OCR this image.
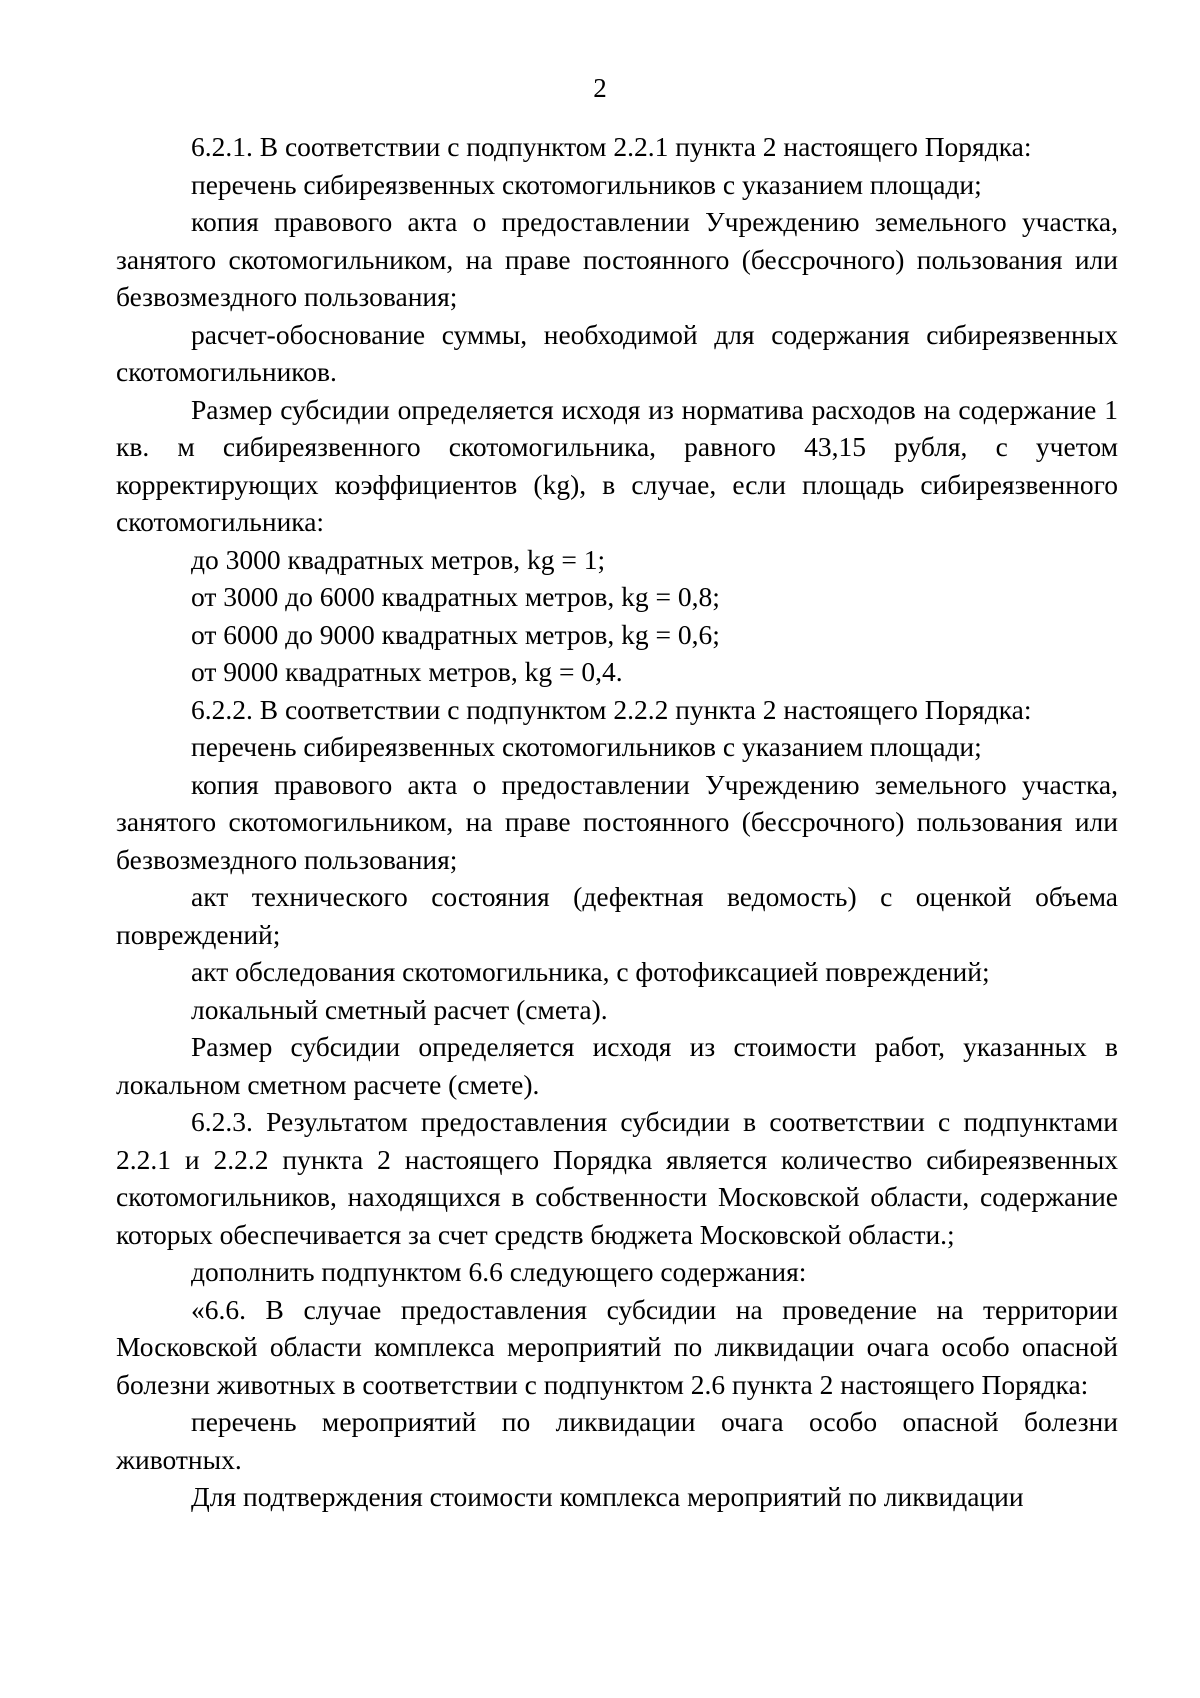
2

6.2.1. В соответствии с подпунктом 2.2.1 пункта 2 настоящего Порядка:

перечень сибиреязвенных скотомогильников с указанием площади;

копия правового акта о предоставлении Учреждению земельного участка, занятого скотомогильником, на праве постоянного (бессрочного) пользования или безвозмездного пользования;

расчет-обоснование суммы, необходимой для содержания сибиреязвенных скотомогильников.

Размер субсидии определяется исходя из норматива расходов на содержание 1 кв. м сибиреязвенного скотомогильника, равного 43,15 рубля, с учетом корректирующих коэффициентов (kg), в случае, если площадь сибиреязвенного скотомогильника:

до 3000 квадратных метров, kg = 1;

от 3000 до 6000 квадратных метров, kg = 0,8;

от 6000 до 9000 квадратных метров, kg = 0,6;

от 9000 квадратных метров, kg = 0,4.

6.2.2. В соответствии с подпунктом 2.2.2 пункта 2 настоящего Порядка:

перечень сибиреязвенных скотомогильников с указанием площади;

копия правового акта о предоставлении Учреждению земельного участка, занятого скотомогильником, на праве постоянного (бессрочного) пользования или безвозмездного пользования;

акт технического состояния (дефектная ведомость) с оценкой объема повреждений;

акт обследования скотомогильника, с фотофиксацией повреждений;

локальный сметный расчет (смета).

Размер субсидии определяется исходя из стоимости работ, указанных в локальном сметном расчете (смете).

6.2.3. Результатом предоставления субсидии в соответствии с подпунктами 2.2.1 и 2.2.2 пункта 2 настоящего Порядка является количество сибиреязвенных скотомогильников, находящихся в собственности Московской области, содержание которых обеспечивается за счет средств бюджета Московской области.;

дополнить подпунктом 6.6 следующего содержания:

«6.6. В случае предоставления субсидии на проведение на территории Московской области комплекса мероприятий по ликвидации очага особо опасной болезни животных в соответствии с подпунктом 2.6 пункта 2 настоящего Порядка:

перечень мероприятий по ликвидации очага особо опасной болезни животных.

Для подтверждения стоимости комплекса мероприятий по ликвидации
